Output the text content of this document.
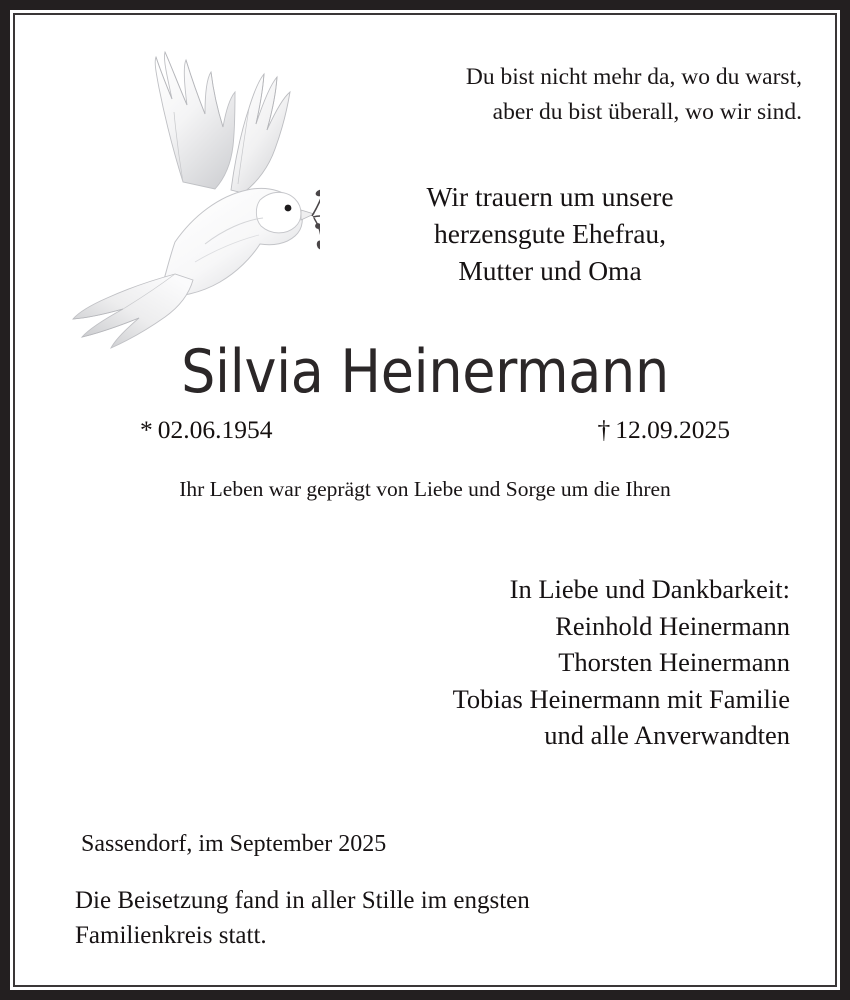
Du bist nicht mehr da, wo du warst,
aber du bist überall, wo wir sind.
Wir trauern um unsere
herzensgute Ehefrau,
Mutter und Oma
Silvia Heinermann
* 02.06.1954	† 12.09.2025
Ihr Leben war geprägt von Liebe und Sorge um die Ihren
In Liebe und Dankbarkeit:
Reinhold Heinermann
Thorsten Heinermann
Tobias Heinermann mit Familie
und alle Anverwandten
Sassendorf, im September 2025
Die Beisetzung fand in aller Stille im engsten
Familienkreis statt.
